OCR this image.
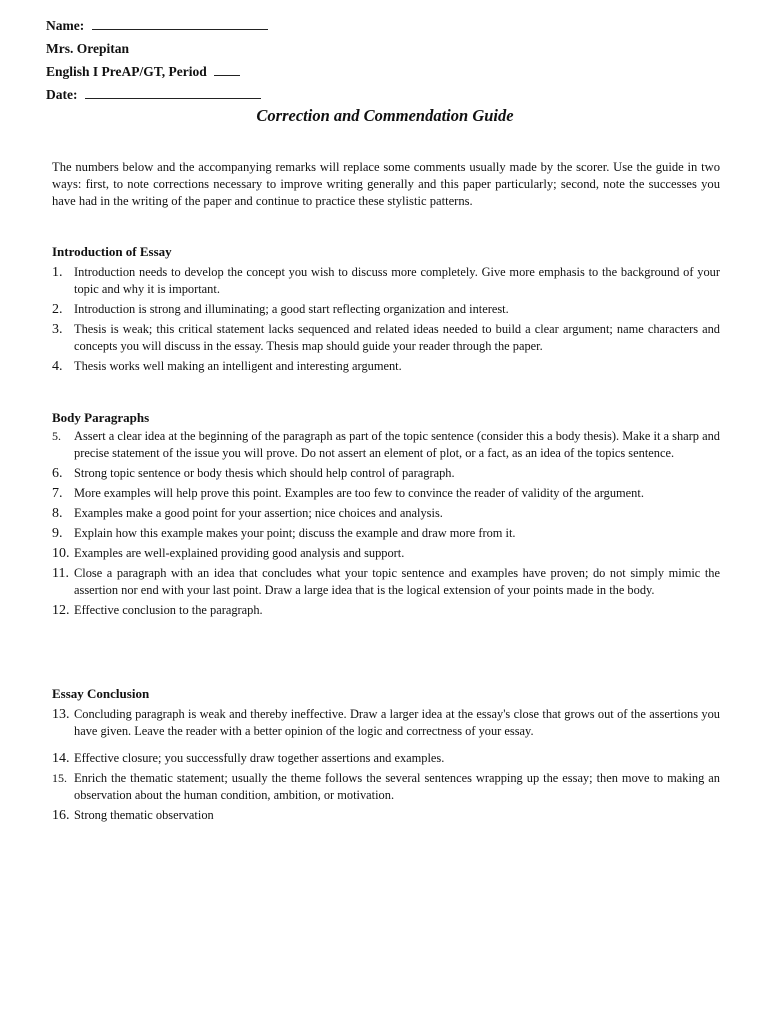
Name:
Mrs. Orepitan
English I PreAP/GT, Period
Date:
Correction and Commendation Guide
The numbers below and the accompanying remarks will replace some comments usually made by the scorer. Use the guide in two ways: first, to note corrections necessary to improve writing generally and this paper particularly; second, note the successes you have had in the writing of the paper and continue to practice these stylistic patterns.
Introduction of Essay
1. Introduction needs to develop the concept you wish to discuss more completely. Give more emphasis to the background of your topic and why it is important.
2. Introduction is strong and illuminating; a good start reflecting organization and interest.
3. Thesis is weak; this critical statement lacks sequenced and related ideas needed to build a clear argument; name characters and concepts you will discuss in the essay. Thesis map should guide your reader through the paper.
4. Thesis works well making an intelligent and interesting argument.
Body Paragraphs
5. Assert a clear idea at the beginning of the paragraph as part of the topic sentence (consider this a body thesis). Make it a sharp and precise statement of the issue you will prove. Do not assert an element of plot, or a fact, as an idea of the topics sentence.
6. Strong topic sentence or body thesis which should help control of paragraph.
7. More examples will help prove this point. Examples are too few to convince the reader of validity of the argument.
8. Examples make a good point for your assertion; nice choices and analysis.
9. Explain how this example makes your point; discuss the example and draw more from it.
10. Examples are well-explained providing good analysis and support.
11. Close a paragraph with an idea that concludes what your topic sentence and examples have proven; do not simply mimic the assertion nor end with your last point. Draw a large idea that is the logical extension of your points made in the body.
12. Effective conclusion to the paragraph.
Essay Conclusion
13. Concluding paragraph is weak and thereby ineffective. Draw a larger idea at the essay's close that grows out of the assertions you have given. Leave the reader with a better opinion of the logic and correctness of your essay.
14. Effective closure; you successfully draw together assertions and examples.
15. Enrich the thematic statement; usually the theme follows the several sentences wrapping up the essay; then move to making an observation about the human condition, ambition, or motivation.
16. Strong thematic observation
